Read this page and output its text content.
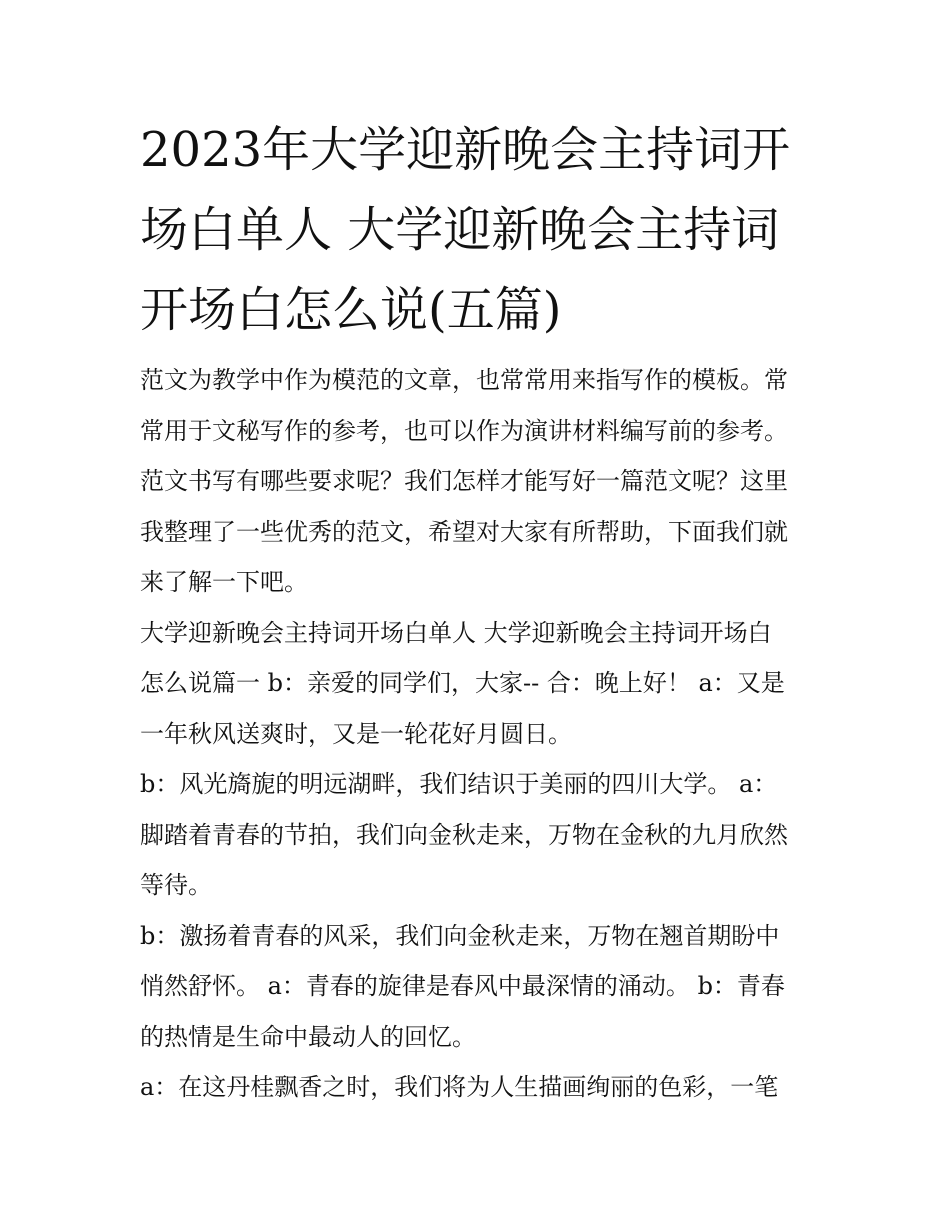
2023年大学迎新晚会主持词开
场白单人 大学迎新晚会主持词
开场白怎么说(五篇)

范文为教学中作为模范的文章，也常常用来指写作的模板。常
常用于文秘写作的参考，也可以作为演讲材料编写前的参考。
范文书写有哪些要求呢？我们怎样才能写好一篇范文呢？这里
我整理了一些优秀的范文，希望对大家有所帮助，下面我们就
来了解一下吧。

大学迎新晚会主持词开场白单人 大学迎新晚会主持词开场白
怎么说篇一 b：亲爱的同学们，大家-- 合：晚上好！ a：又是
一年秋风送爽时，又是一轮花好月圆日。

b：风光旖旎的明远湖畔，我们结识于美丽的四川大学。 a：
脚踏着青春的节拍，我们向金秋走来，万物在金秋的九月欣然
等待。

b：激扬着青春的风采，我们向金秋走来，万物在翘首期盼中
悄然舒怀。 a：青春的旋律是春风中最深情的涌动。 b：青春
的热情是生命中最动人的回忆。

a：在这丹桂飘香之时，我们将为人生描画绚丽的色彩，一笔
